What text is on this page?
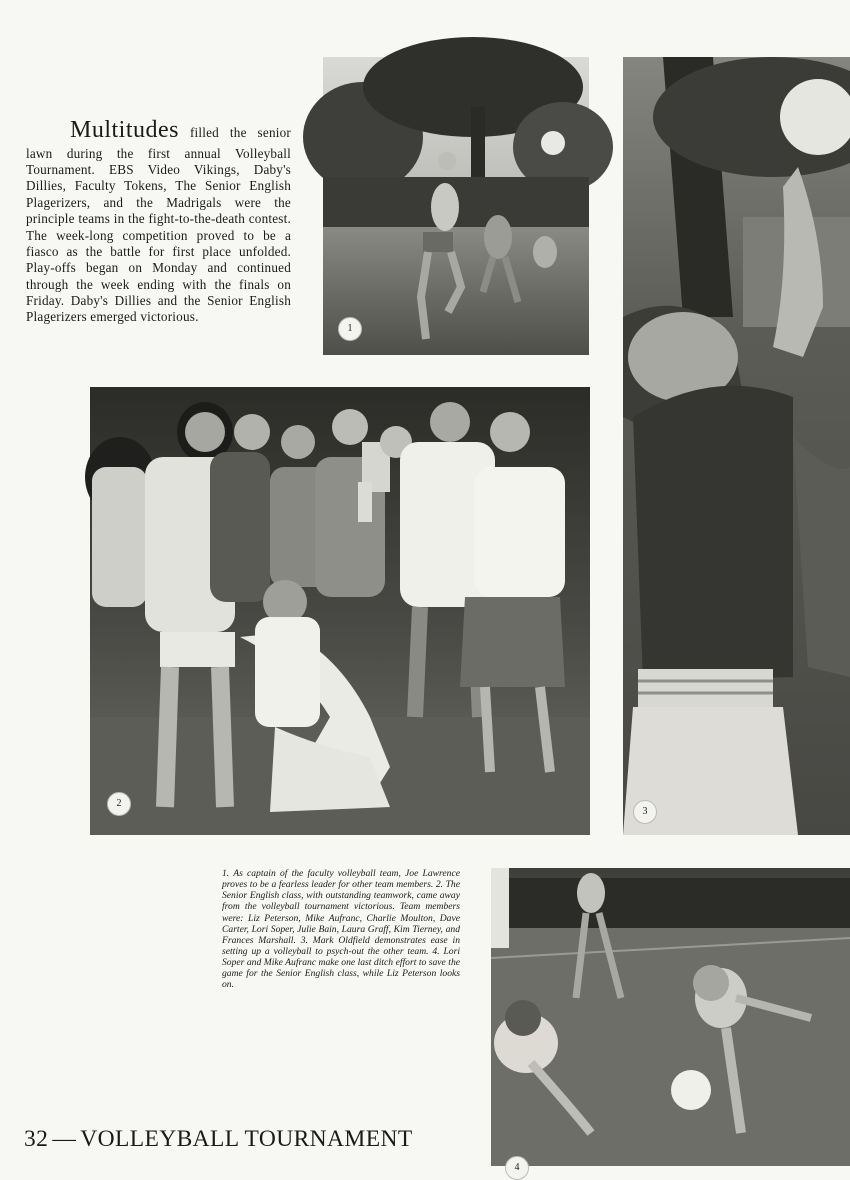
Multitudes filled the senior lawn during the first annual Volleyball Tournament. EBS Video Vikings, Daby's Dillies, Faculty Tokens, The Senior English Plagerizers, and the Madrigals were the principle teams in the fight-to-the-death contest. The week-long competition proved to be a fiasco as the battle for first place unfolded. Play-offs began on Monday and continued through the week ending with the finals on Friday. Daby's Dillies and the Senior English Plagerizers emerged victorious.
1
2
3
4
1. As captain of the faculty volleyball team, Joe Lawrence proves to be a fearless leader for other team members. 2. The Senior English class, with outstanding teamwork, came away from the volleyball tournament victorious. Team members were: Liz Peterson, Mike Aufranc, Charlie Moulton, Dave Carter, Lori Soper, Julie Bain, Laura Graff, Kim Tierney, and Frances Marshall. 3. Mark Oldfield demonstrates ease in setting up a volleyball to psych-out the other team. 4. Lori Soper and Mike Aufranc make one last ditch effort to save the game for the Senior English class, while Liz Peterson looks on.
32 — VOLLEYBALL TOURNAMENT
